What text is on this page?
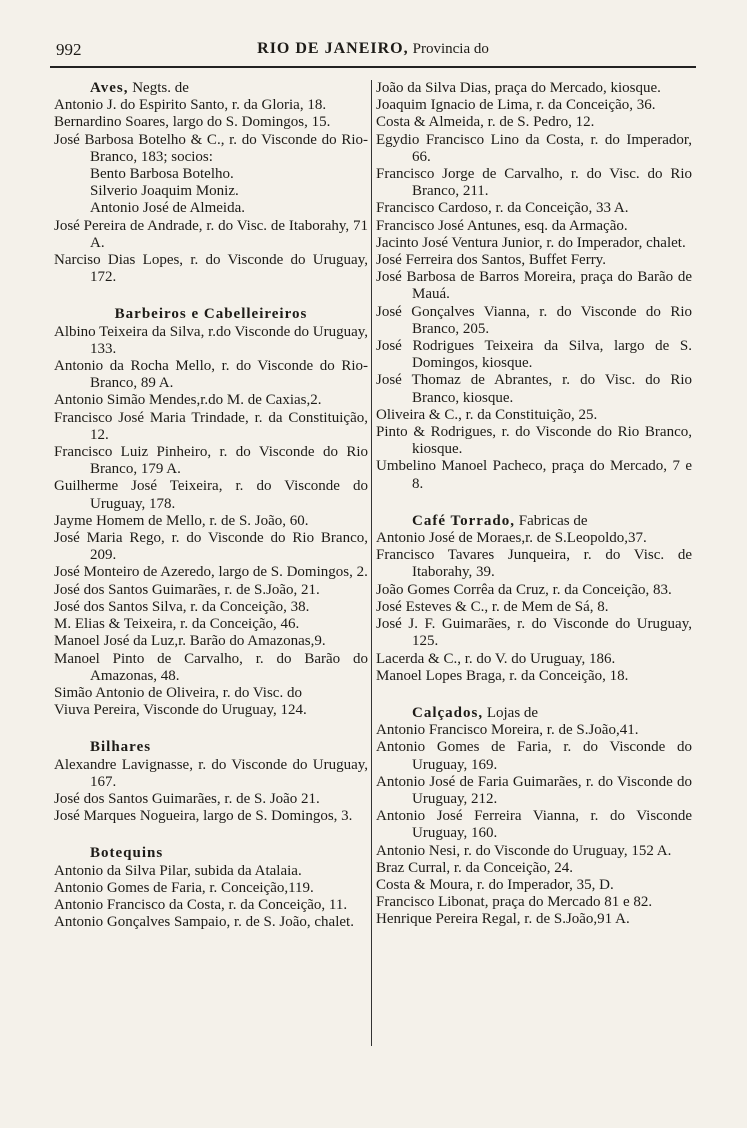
992	RIO DE JANEIRO, Provincia do

Aves, Negts. de

Antonio J. do Espirito Santo, r. da Gloria, 18.

Bernardino Soares, largo do S. Domingos, 15.

José Barbosa Botelho & C., r. do Visconde do Rio-Branco, 183; socios:

Bento Barbosa Botelho.

Silverio Joaquim Moniz.

Antonio José de Almeida.

José Pereira de Andrade, r. do Visc. de Itaborahy, 71 A.

Narciso Dias Lopes, r. do Visconde do Uruguay, 172.

Barbeiros e Cabelleireiros

Albino Teixeira da Silva, r.do Visconde do Uruguay, 133.

Antonio da Rocha Mello, r. do Visconde do Rio-Branco, 89 A.

Antonio Simão Mendes,r.do M. de Caxias,2.

Francisco José Maria Trindade, r. da Constituição, 12.

Francisco Luiz Pinheiro, r. do Visconde do Rio Branco, 179 A.

Guilherme José Teixeira, r. do Visconde do Uruguay, 178.

Jayme Homem de Mello, r. de S. João, 60.

José Maria Rego, r. do Visconde do Rio Branco, 209.

José Monteiro de Azeredo, largo de S. Domingos, 2.

José dos Santos Guimarães, r. de S.João, 21.

José dos Santos Silva, r. da Conceição, 38.

M. Elias & Teixeira, r. da Conceição, 46.

Manoel José da Luz,r. Barão do Amazonas,9.

Manoel Pinto de Carvalho, r. do Barão do Amazonas, 48.

Simão Antonio de Oliveira, r. do Visc. do

Viuva Pereira, Visconde do Uruguay, 124.

Bilhares

Alexandre Lavignasse, r. do Visconde do Uruguay, 167.

José dos Santos Guimarães, r. de S. João 21.

José Marques Nogueira, largo de S. Domingos, 3.

Botequins

Antonio da Silva Pilar, subida da Atalaia.

Antonio Gomes de Faria, r. Conceição,119.

Antonio Francisco da Costa, r. da Conceição, 11.

Antonio Gonçalves Sampaio, r. de S. João, chalet.

João da Silva Dias, praça do Mercado, kiosque.

Joaquim Ignacio de Lima, r. da Conceição, 36.

Costa & Almeida, r. de S. Pedro, 12.

Egydio Francisco Lino da Costa, r. do Imperador, 66.

Francisco Jorge de Carvalho, r. do Visc. do Rio Branco, 211.

Francisco Cardoso, r. da Conceição, 33 A.

Francisco José Antunes, esq. da Armação.

Jacinto José Ventura Junior, r. do Imperador, chalet.

José Ferreira dos Santos, Buffet Ferry.

José Barbosa de Barros Moreira, praça do Barão de Mauá.

José Gonçalves Vianna, r. do Visconde do Rio Branco, 205.

José Rodrigues Teixeira da Silva, largo de S. Domingos, kiosque.

José Thomaz de Abrantes, r. do Visc. do Rio Branco, kiosque.

Oliveira & C., r. da Constituição, 25.

Pinto & Rodrigues, r. do Visconde do Rio Branco, kiosque.

Umbelino Manoel Pacheco, praça do Mercado, 7 e 8.

Café Torrado, Fabricas de

Antonio José de Moraes,r. de S.Leopoldo,37.

Francisco Tavares Junqueira, r. do Visc. de Itaborahy, 39.

João Gomes Corrêa da Cruz, r. da Conceição, 83.

José Esteves & C., r. de Mem de Sá, 8.

José J. F. Guimarães, r. do Visconde do Uruguay, 125.

Lacerda & C., r. do V. do Uruguay, 186.

Manoel Lopes Braga, r. da Conceição, 18.

Calçados, Lojas de

Antonio Francisco Moreira, r. de S.João,41.

Antonio Gomes de Faria, r. do Visconde do Uruguay, 169.

Antonio José de Faria Guimarães, r. do Visconde do Uruguay, 212.

Antonio José Ferreira Vianna, r. do Visconde Uruguay, 160.

Antonio Nesi, r. do Visconde do Uruguay, 152 A.

Braz Curral, r. da Conceição, 24.

Costa & Moura, r. do Imperador, 35, D.

Francisco Libonat, praça do Mercado 81 e 82.

Henrique Pereira Regal, r. de S.João,91 A.
